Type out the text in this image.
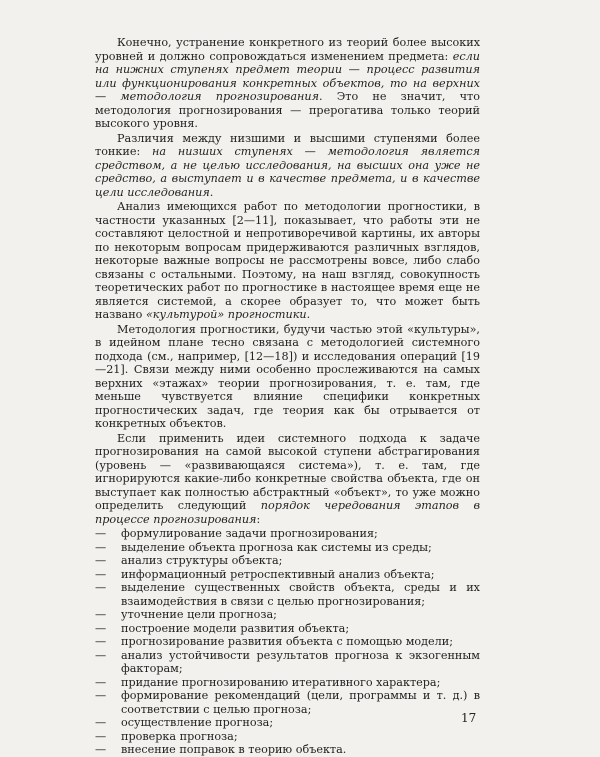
Конечно, устранение конкретного из теорий более высоких уровней и должно сопровождаться изменением предмета: если на нижних ступенях предмет теории — процесс развития или функционирования конкретных объектов, то на верхних — методология прогнозирования. Это не значит, что методология прогнозирования — прерогатива только теорий высокого уровня.

Различия между низшими и высшими ступенями более тонкие: на низших ступенях — методология является средством, а не целью исследования, на высших она уже не средство, а выступает и в качестве предмета, и в качестве цели исследования.

Анализ имеющихся работ по методологии прогностики, в частности указанных [2—11], показывает, что работы эти не составляют целостной и непротиворечивой картины, их авторы по некоторым вопросам придерживаются различных взглядов, некоторые важные вопросы не рассмотрены вовсе, либо слабо связаны с остальными. Поэтому, на наш взгляд, совокупность теоретических работ по прогностике в настоящее время еще не является системой, а скорее образует то, что может быть названо «культурой» прогностики.

Методология прогностики, будучи частью этой «культуры», в идейном плане тесно связана с методологией системного подхода (см., например, [12—18]) и исследования операций [19—21]. Связи между ними особенно прослеживаются на самых верхних «этажах» теории прогнозирования, т. е. там, где меньше чувствуется влияние специфики конкретных прогностических задач, где теория как бы отрывается от конкретных объектов.

Если применить идеи системного подхода к задаче прогнозирования на самой высокой ступени абстрагирования (уровень — «развивающаяся система»), т. е. там, где игнорируются какие-либо конкретные свойства объекта, где он выступает как полностью абстрактный «объект», то уже можно определить следующий порядок чередования этапов в процессе прогнозирования:

— формулирование задачи прогнозирования;
— выделение объекта прогноза как системы из среды;
— анализ структуры объекта;
— информационный ретроспективный анализ объекта;
— выделение существенных свойств объекта, среды и их взаимодействия в связи с целью прогнозирования;
— уточнение цели прогноза;
— построение модели развития объекта;
— прогнозирование развития объекта с помощью модели;
— анализ устойчивости результатов прогноза к экзогенным факторам;
— придание прогнозированию итеративного характера;
— формирование рекомендаций (цели, программы и т. д.) в соответствии с целью прогноза;
— осуществление прогноза;
— проверка прогноза;
— внесение поправок в теорию объекта.
17
